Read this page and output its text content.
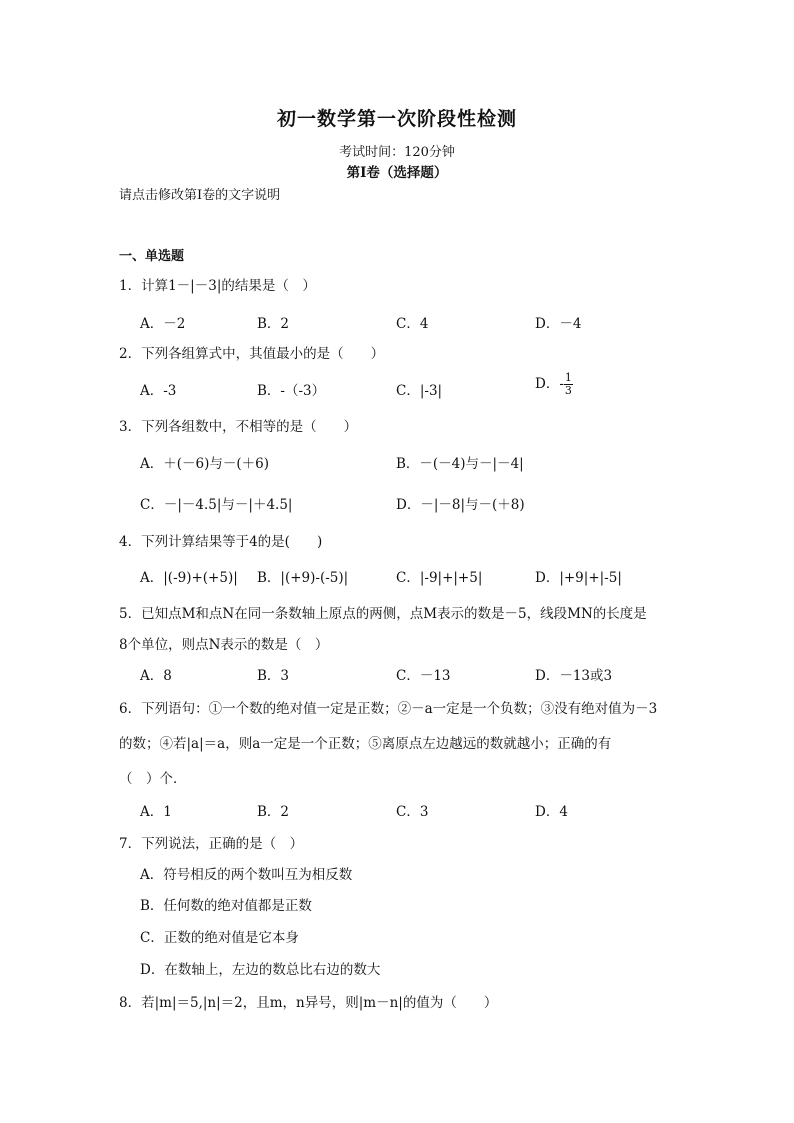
初一数学第一次阶段性检测
考试时间：120分钟
第I卷（选择题）
请点击修改第I卷的文字说明
一、单选题
1．计算1－|－3|的结果是（　）
A．－2	B．2	C．4	D．－4
2．下列各组算式中，其值最小的是（　　）
A．-3	B．-（-3）	C．|-3|	D．- $\frac{1}{3}$
3．下列各组数中，不相等的是（　　）
A．＋(－6)与－(＋6)	B．－(－4)与－|－4|
C．－|－4.5|与－|＋4.5|	D．－|－8|与－(＋8)
4．下列计算结果等于4的是(　　)
A．|(-9)+(+5)| B．|(+9)-(-5)|	C．|-9|+|+5|	D．|+9|+|-5|
5．已知点M和点N在同一条数轴上原点的两侧，点M表示的数是－5，线段MN的长度是
8个单位，则点N表示的数是（　）
A．8	B．3	C．－13	D．－13或3
6．下列语句：①一个数的绝对值一定是正数；②－a一定是一个负数；③没有绝对值为－3
的数；④若|a|＝a，则a一定是一个正数；⑤离原点左边越远的数就越小；正确的有
（　）个．
A．1	B．2	C．3	D．4
7．下列说法，正确的是（　）
A．符号相反的两个数叫互为相反数
B．任何数的绝对值都是正数
C．正数的绝对值是它本身
D．在数轴上，左边的数总比右边的数大
8．若|m|＝5,|n|＝2，且m，n异号，则|m－n|的值为（　　）
